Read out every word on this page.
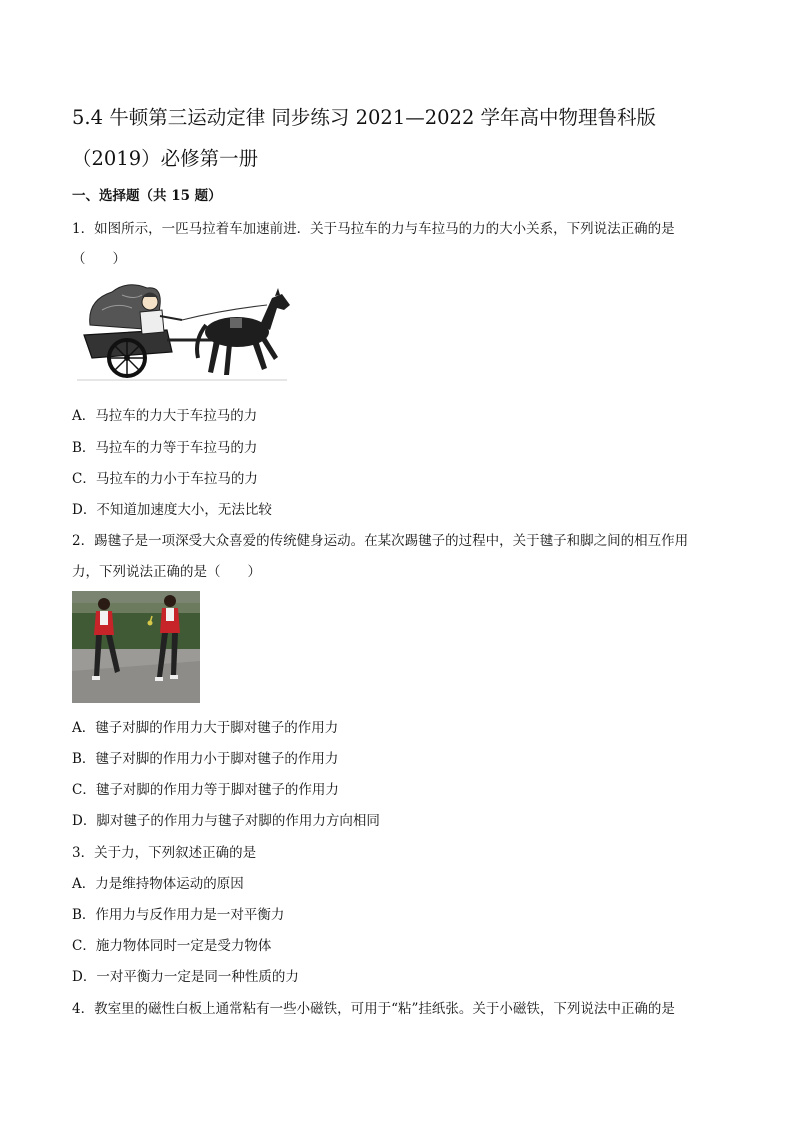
5.4 牛顿第三运动定律 同步练习 2021—2022 学年高中物理鲁科版
（2019）必修第一册
一、选择题（共 15 题）
1．如图所示，一匹马拉着车加速前进．关于马拉车的力与车拉马的力的大小关系，下列说法正确的是
（　　）
A．马拉车的力大于车拉马的力
B．马拉车的力等于车拉马的力
C．马拉车的力小于车拉马的力
D．不知道加速度大小，无法比较
2．踢毽子是一项深受大众喜爱的传统健身运动。在某次踢毽子的过程中，关于毽子和脚之间的相互作用
力，下列说法正确的是（　　）
A．毽子对脚的作用力大于脚对毽子的作用力
B．毽子对脚的作用力小于脚对毽子的作用力
C．毽子对脚的作用力等于脚对毽子的作用力
D．脚对毽子的作用力与毽子对脚的作用力方向相同
3．关于力，下列叙述正确的是
A．力是维持物体运动的原因
B．作用力与反作用力是一对平衡力
C．施力物体同时一定是受力物体
D．一对平衡力一定是同一种性质的力
4．教室里的磁性白板上通常粘有一些小磁铁，可用于“粘”挂纸张。关于小磁铁，下列说法中正确的是
